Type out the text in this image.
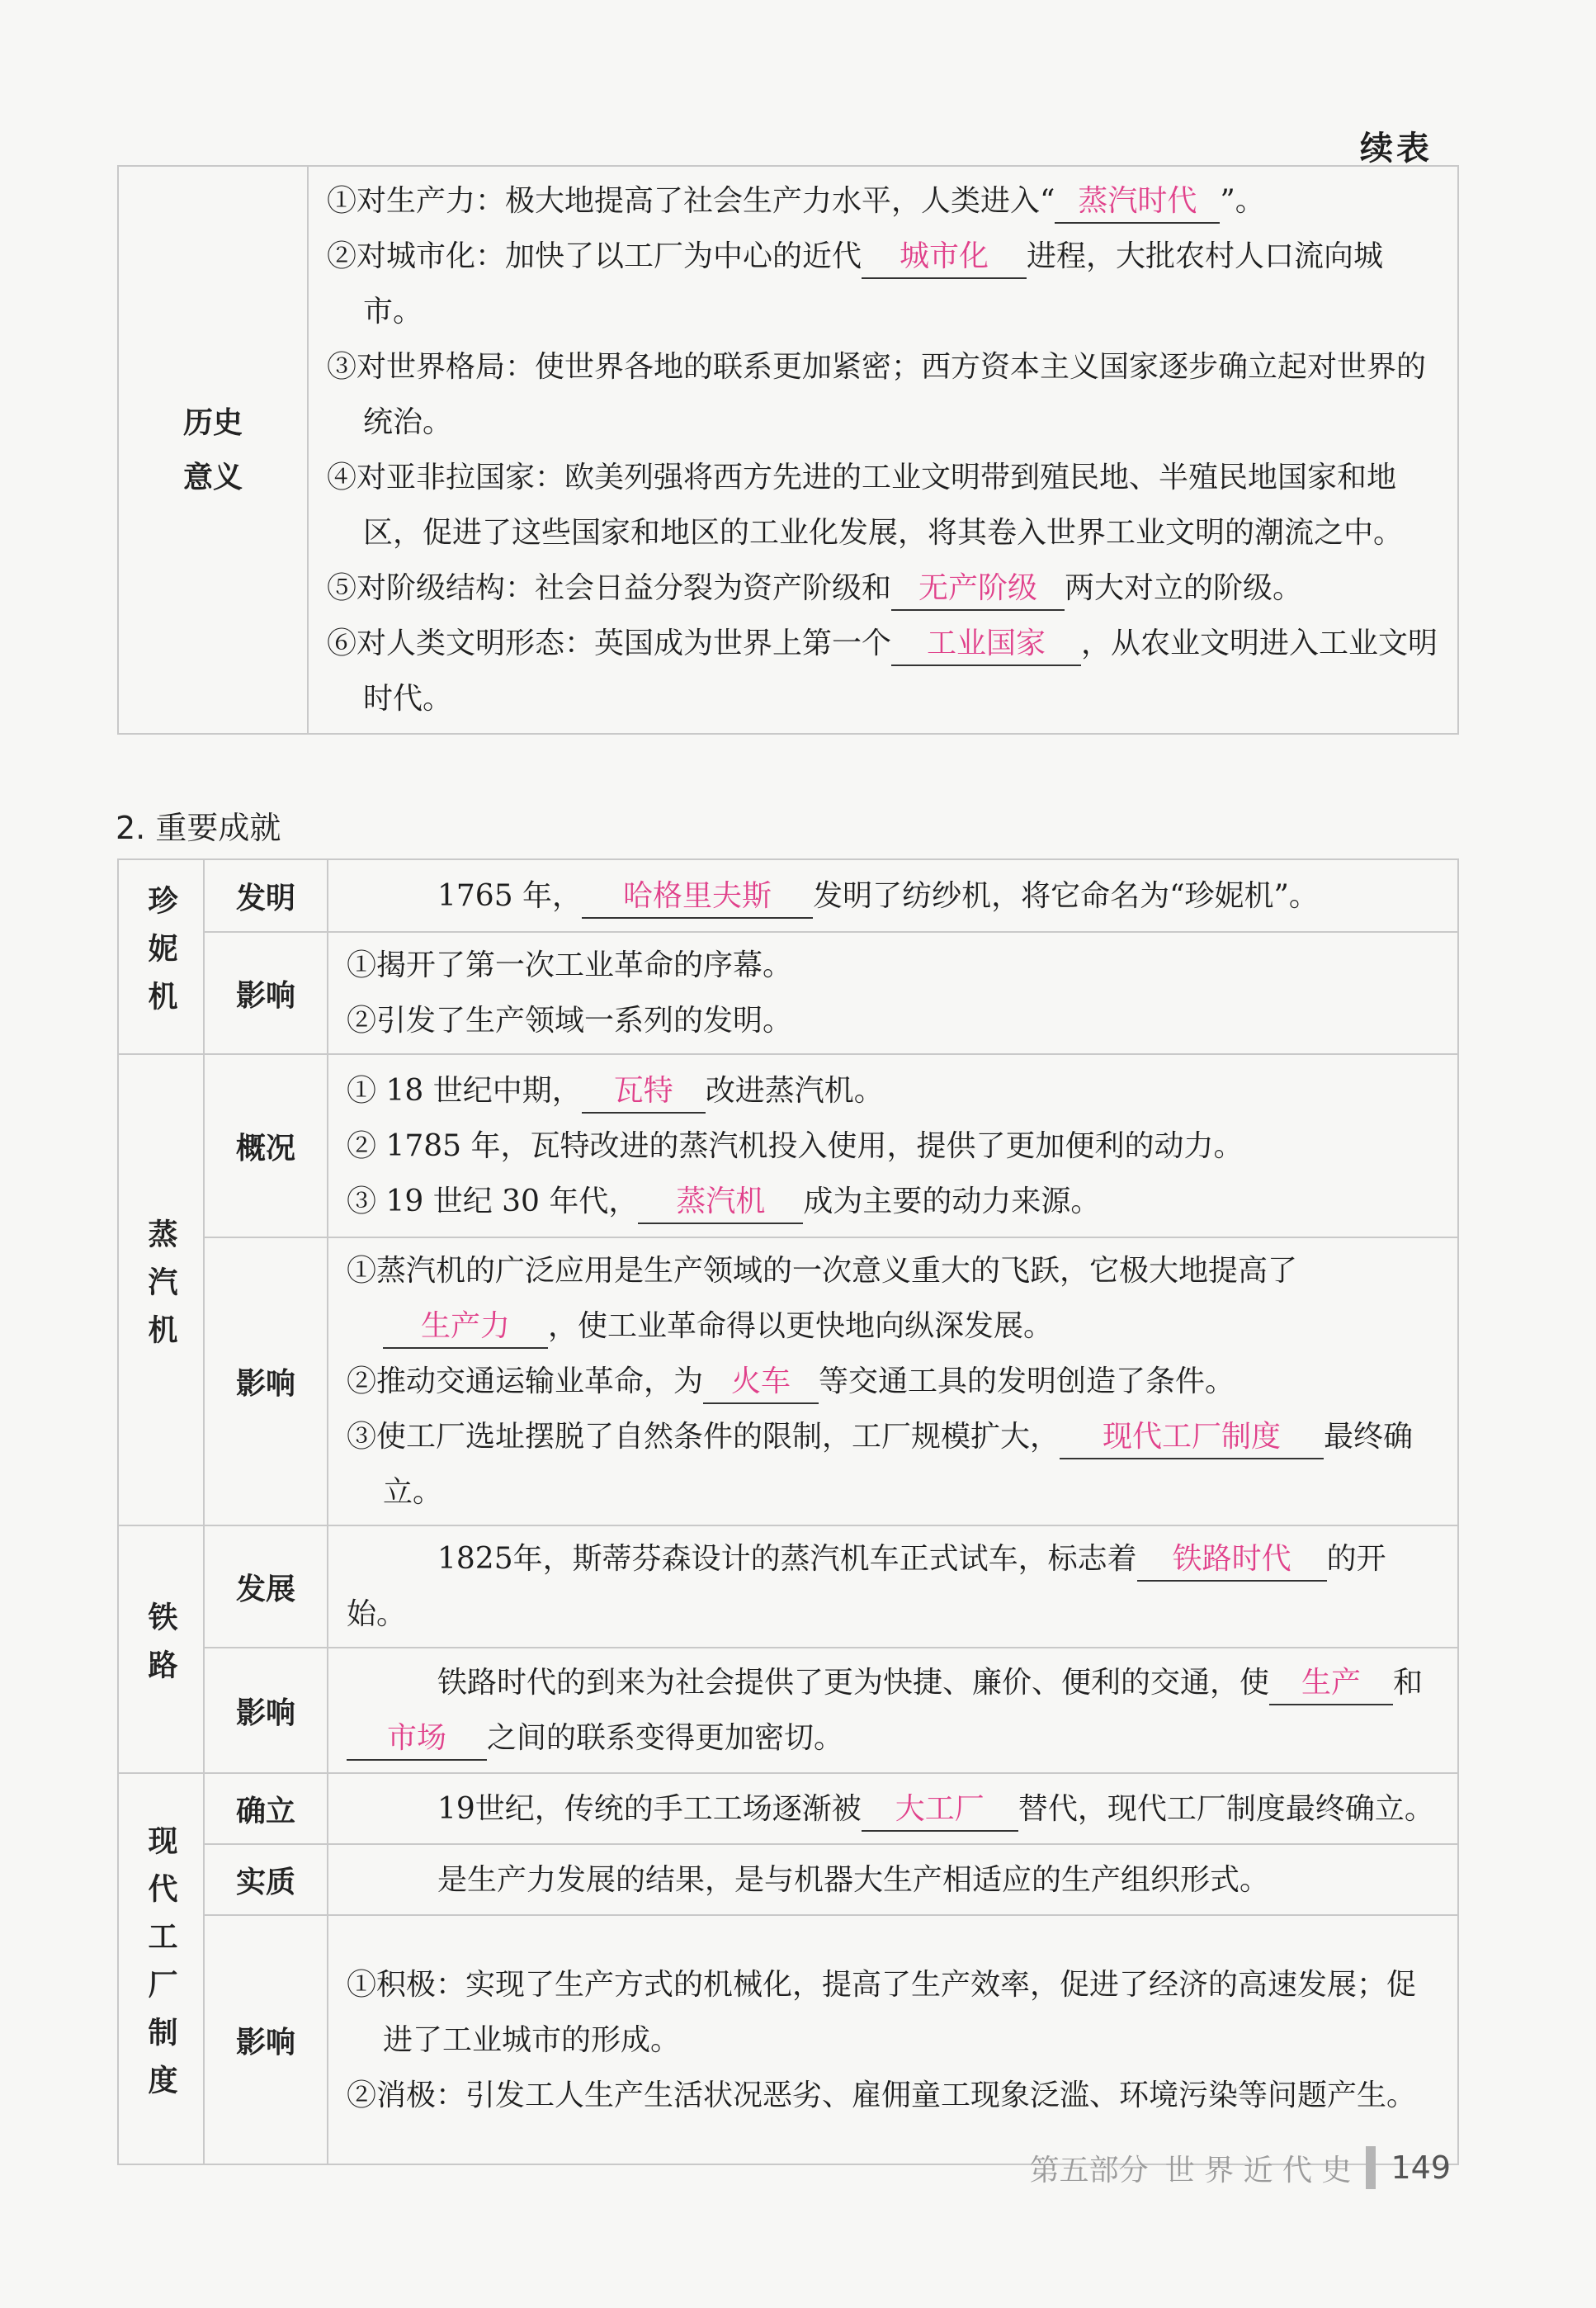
续表
历史意义

①对生产力：极大地提高了社会生产力水平，人类进入“ 蒸汽时代 ”。
②对城市化：加快了以工厂为中心的近代 城市化 进程，大批农村人口流向城市。
③对世界格局：使世界各地的联系更加紧密；西方资本主义国家逐步确立起对世界的统治。
④对亚非拉国家：欧美列强将西方先进的工业文明带到殖民地、半殖民地国家和地区，促进了这些国家和地区的工业化发展，将其卷入世界工业文明的潮流之中。
⑤对阶级结构：社会日益分裂为资产阶级和 无产阶级 两大对立的阶级。
⑥对人类文明形态：英国成为世界上第一个 工业国家 ，从农业文明进入工业文明时代。
2. 重要成就
珍妮机	发明	1765 年， 哈格里夫斯 发明了纺纱机，将它命名为“珍妮机”。

	影响	①揭开了第一次工业革命的序幕。
②引发了生产领域一系列的发明。

蒸汽机	概况	① 18 世纪中期， 瓦特 改进蒸汽机。
② 1785 年，瓦特改进的蒸汽机投入使用，提供了更加便利的动力。
③ 19 世纪 30 年代， 蒸汽机 成为主要的动力来源。

	影响	①蒸汽机的广泛应用是生产领域的一次意义重大的飞跃，它极大地提高了生产力 ，使工业革命得以更快地向纵深发展。
②推动交通运输业革命，为 火车 等交通工具的发明创造了条件。
③使工厂选址摆脱了自然条件的限制，工厂规模扩大， 现代工厂制度 最终确立。

铁路	发展	1825年，斯蒂芬森设计的蒸汽机车正式试车，标志着 铁路时代 的开始。

	影响	铁路时代的到来为社会提供了更为快捷、廉价、便利的交通，使 生产 和市场 之间的联系变得更加密切。

现代工厂制度	确立	19世纪，传统的手工工场逐渐被 大工厂 替代，现代工厂制度最终确立。

	实质	是生产力发展的结果，是与机器大生产相适应的生产组织形式。

	影响	①积极：实现了生产方式的机械化，提高了生产效率，促进了经济的高速发展；促进了工业城市的形成。
②消极：引发工人生产生活状况恶劣、雇佣童工现象泛滥、环境污染等问题产生。
第五部分 世 界 近 代 史 149
